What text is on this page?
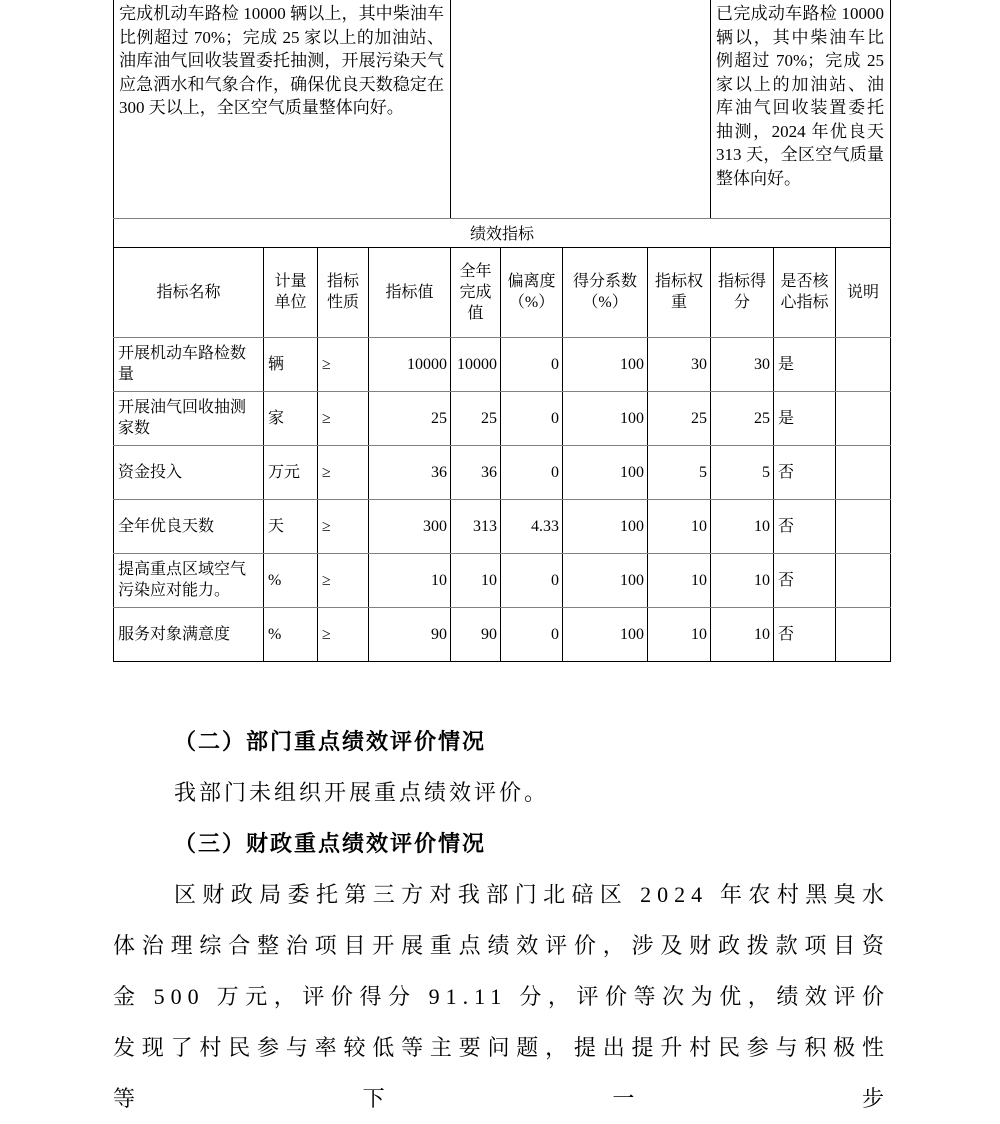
完成机动车路检 10000 辆以上，其中柴油车比例超过 70%；完成 25 家以上的加油站、油库油气回收装置委托抽测，开展污染天气应急洒水和气象合作，确保优良天数稳定在 300 天以上，全区空气质量整体向好。								已完成动车路检 10000 辆以，其中柴油车比例超过 70%；完成 25 家以上的加油站、油库油气回收装置委托抽测，2024 年优良天 313 天，全区空气质量整体向好。		
绩效指标										
指标名称	计量单位	指标性质	指标值	全年完成值	偏离度（%）	得分系数（%）	指标权重	指标得分	是否核心指标	说明
开展机动车路检数量	辆	≥	10000	10000	0	100	30	30	是	
开展油气回收抽测家数	家	≥	25	25	0	100	25	25	是	
资金投入	万元	≥	36	36	0	100	5	5	否	
全年优良天数	天	≥	300	313	4.33	100	10	10	否	
提高重点区域空气污染应对能力。	%	≥	10	10	0	100	10	10	否	
服务对象满意度	%	≥	90	90	0	100	10	10	否	

（二）部门重点绩效评价情况

我部门未组织开展重点绩效评价。

（三）财政重点绩效评价情况

区财政局委托第三方对我部门北碚区 2024 年农村黑臭水体治理综合整治项目开展重点绩效评价，涉及财政拨款项目资金 500 万元，评价得分 91.11 分，评价等次为优，绩效评价发现了村民参与率较低等主要问题，提出提升村民参与积极性等下一步
